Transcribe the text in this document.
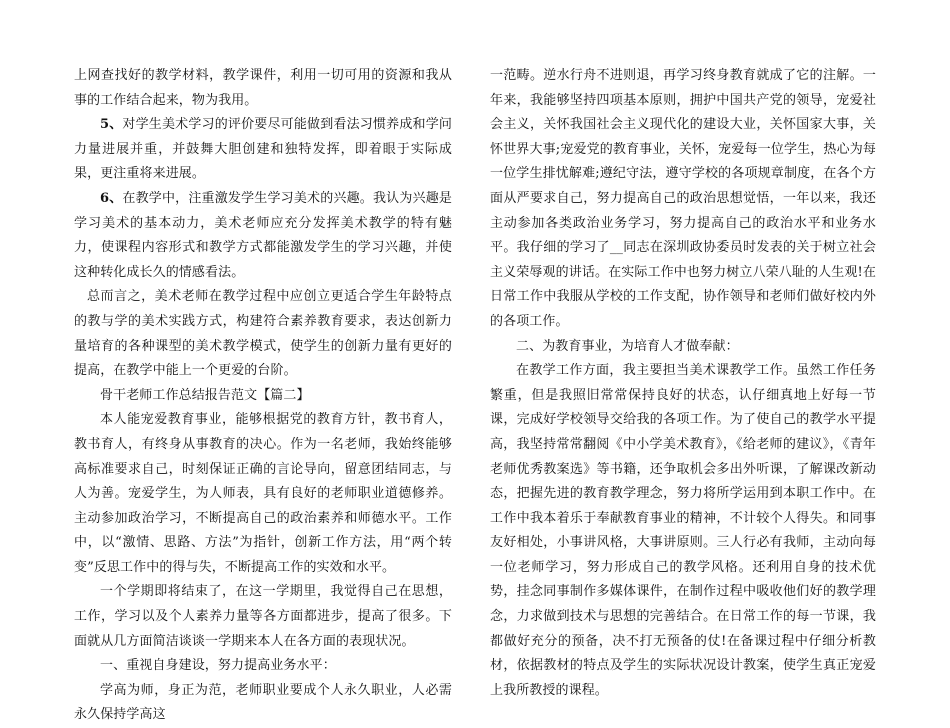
上网查找好的教学材料，教学课件，利用一切可用的资源和我从事的工作结合起来，物为我用。

5、对学生美术学习的评价要尽可能做到看法习惯养成和学问力量进展并重，并鼓舞大胆创建和独特发挥，即着眼于实际成果，更注重将来进展。

6、在教学中，注重激发学生学习美术的兴趣。我认为兴趣是学习美术的基本动力，美术老师应充分发挥美术教学的特有魅力，使课程内容形式和教学方式都能激发学生的学习兴趣，并使这种转化成长久的情感看法。

总而言之，美术老师在教学过程中应创立更适合学生年龄特点的教与学的美术实践方式，构建符合素养教育要求，表达创新力量培育的各种课型的美术教学模式，使学生的创新力量有更好的提高，在教学中能上一个更爱的台阶。

骨干老师工作总结报告范文【篇二】

本人能宠爱教育事业，能够根据党的教育方针，教书育人，教书育人，有终身从事教育的决心。作为一名老师，我始终能够高标准要求自己，时刻保证正确的言论导向，留意团结同志，与人为善。宠爱学生，为人师表，具有良好的老师职业道德修养。主动参加政治学习，不断提高自己的政治素养和师德水平。工作中，以“激情、思路、方法”为指针，创新工作方法，用“两个转变”反思工作中的得与失，不断提高工作的实效和水平。

一个学期即将结束了，在这一学期里，我觉得自己在思想，工作，学习以及个人素养力量等各方面都进步，提高了很多。下面就从几方面简洁谈谈一学期来本人在各方面的表现状况。

一、重视自身建设，努力提高业务水平：

学高为师，身正为范，老师职业要成个人永久职业，人必需永久保持学高这

一范畴。逆水行舟不进则退，再学习终身教育就成了它的注解。一年来，我能够坚持四项基本原则，拥护中国共产党的领导，宠爱社会主义，关怀我国社会主义现代化的建设大业，关怀国家大事，关怀世界大事;宠爱党的教育事业，关怀，宠爱每一位学生，热心为每一位学生排忧解难;遵纪守法，遵守学校的各项规章制度，在各个方面从严要求自己，努力提高自己的政治思想觉悟，一年以来，我还主动参加各类政治业务学习，努力提高自己的政治水平和业务水平。我仔细的学习了__同志在深圳政协委员时发表的关于树立社会主义荣辱观的讲话。在实际工作中也努力树立八荣八耻的人生观!在日常工作中我服从学校的工作支配，协作领导和老师们做好校内外的各项工作。

二、为教育事业，为培育人才做奉献：

在教学工作方面，我主要担当美术课教学工作。虽然工作任务繁重，但是我照旧常常保持良好的状态，认仔细真地上好每一节课，完成好学校领导交给我的各项工作。为了使自己的教学水平提高，我坚持常常翻阅《中小学美术教育》，《给老师的建议》，《青年老师优秀教案选》等书籍，还争取机会多出外听课，了解课改新动态，把握先进的教育教学理念，努力将所学运用到本职工作中。在工作中我本着乐于奉献教育事业的精神，不计较个人得失。和同事友好相处，小事讲风格，大事讲原则。三人行必有我师，主动向每一位老师学习，努力形成自己的教学风格。还利用自身的技术优势，挂念同事制作多媒体课件，在制作过程中吸收他们好的教学理念，力求做到技术与思想的完善结合。在日常工作的每一节课，我都做好充分的预备，决不打无预备的仗!在备课过程中仔细分析教材，依据教材的特点及学生的实际状况设计教案，使学生真正宠爱上我所教授的课程。
